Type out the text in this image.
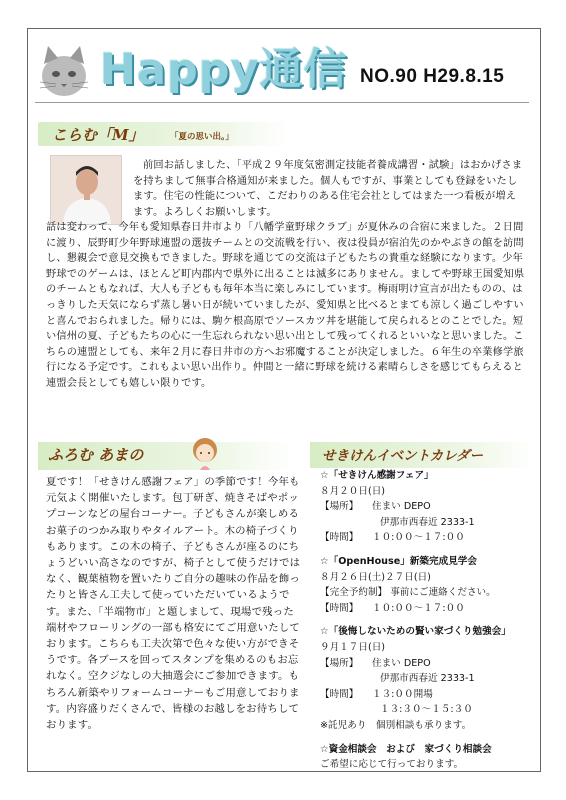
Happy通信 NO.90 H29.8.15
こらむ「M」	「夏の思い出。」
前回お話しました、「平成２９年度気密測定技能者養成講習・試験」はおかげさまを持ちまして無事合格通知が来ました。個人もですが、事業としても登録をいたします。住宅の性能について、こだわりのある住宅会社としてはまた一つ看板が増えます。よろしくお願いします。
話は変わって、今年も愛知県春日井市より「八幡学童野球クラブ」が夏休みの合宿に来ました。２日間に渡り、辰野町少年野球連盟の選抜チームとの交流戦を行い、夜は役員が宿泊先のかやぶきの館を訪問し、懇親会で意見交換もできました。野球を通じての交流は子どもたちの貴重な経験になります。少年野球でのゲームは、ほとんど町内郡内で県外に出ることは滅多にありません。ましてや野球王国愛知県のチームともなれば、大人も子どもも毎年本当に楽しみにしています。梅雨明け宣言が出たものの、はっきりした天気にならず蒸し暑い日が続いていましたが、愛知県と比べるとまても涼しく過ごしやすいと喜んでおられました。帰りには、駒ケ根高原でソースカツ丼を堪能して戻られるとのことでした。短い信州の夏、子どもたちの心に一生忘れられない思い出として残ってくれるといいなと思いました。こちらの連盟としても、来年２月に春日井市の方へお邪魔することが決定しました。６年生の卒業修学旅行になる予定です。これもよい思い出作り。仲間と一緒に野球を続ける素晴らしさを感じてもらえると連盟会長としても嬉しい限りです。
ふろむ あまの
夏です！「せきけん感謝フェア」の季節です！今年も元気よく開催いたします。包丁研ぎ、焼きそばやポップコーンなどの屋台コーナー。子どもさんが楽しめるお菓子のつかみ取りやタイルアート。木の椅子づくりもあります。この木の椅子、子どもさんが座るのにちょうどいい高さなのですが、椅子として使うだけではなく、観葉植物を置いたりご自分の趣味の作品を飾ったりと皆さん工夫して使っていただいているようです。また、「半端物市」と題しまして、現場で残った端材やフローリングの一部も格安にてご用意いたしております。こちらも工夫次第で色々な使い方ができそうです。各ブースを回ってスタンプを集めるのもお忘れなく。空クジなしの大抽選会にご参加できます。もちろん新築やリフォームコーナーもご用意しております。内容盛りだくさんで、皆様のお越しをお待ちしております。
せきけんイベントカレダー
☆「せきけん感謝フェア」
８月２０日(日)
【場所】 住まい DEPO
伊那市西春近 2333-1
【時間】 １０:００～１７:００
☆「OpenHouse」新築完成見学会
８月２６日(土)２７日(日)
【完全予約制】 事前にご連絡ください。
【時間】 １０:００～１７:００
☆「後悔しないための賢い家づくり勉強会」
９月１７日(日)
【場所】 住まい DEPO
伊那市西春近 2333-1
【時間】 １３:００開場
１３:３０～１５:３０
※託児あり　個別相談も承ります。
☆資金相談会　および　家づくり相談会
ご希望に応じて行っております。
